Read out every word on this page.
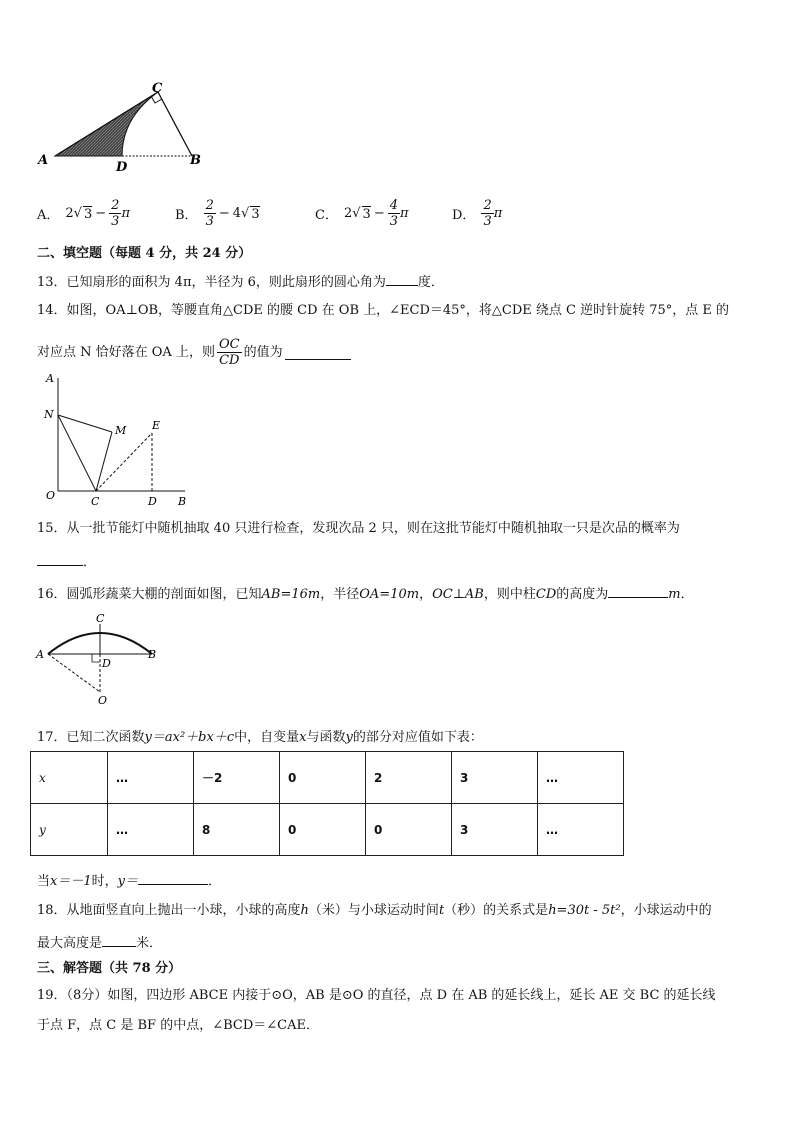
A
C
D	B
A． 2 √ $3 - \frac{2}{3}$ π	B． $\frac{2}{3} - 4$ √ 3	C． 2 √ $3 - \frac{4}{3}$ π	D． $\frac{2}{3}$ π
二、填空题（每题 4 分，共 24 分）
13．已知扇形的面积为 4π，半径为 6，则此扇形的圆心角为 度．
14．如图，OA⊥OB，等腰直角△CDE 的腰 CD 在 OB 上，∠ECD＝45°，将△CDE 绕点 C 逆时针旋转 75°，点 E 的
对应点 N 恰好落在 OA 上，则 $\frac{OC}{CD}$ 的值为
A
N
M E
O	C	D B
15．从一批节能灯中随机抽取 40 只进行检查，发现次品 2 只，则在这批节能灯中随机抽取一只是次品的概率为
．
16．圆弧形蔬菜大棚的剖面如图，已知AB=16m，半径OA=10m，OC⊥AB，则中柱CD的高度为	m．
C
A
D
B
O
17．已知二次函数y＝ax²＋bx＋c中，自变量x与函数y的部分对应值如下表：
x	…	－2	0	2	3	…
y	…	8	0	0	3	…
当x＝－1时，y＝	．
18．从地面竖直向上抛出一小球，小球的高度h（米）与小球运动时间t（秒）的关系式是h=30t - 5t²，小球运动中的
最大高度是	米．
三、解答题（共 78 分）
19．（8分）如图，四边形 ABCE 内接于⊙O，AB 是⊙O 的直径，点 D 在 AB 的延长线上，延长 AE 交 BC 的延长线
于点 F，点 C 是 BF 的中点，∠BCD＝∠CAE．
